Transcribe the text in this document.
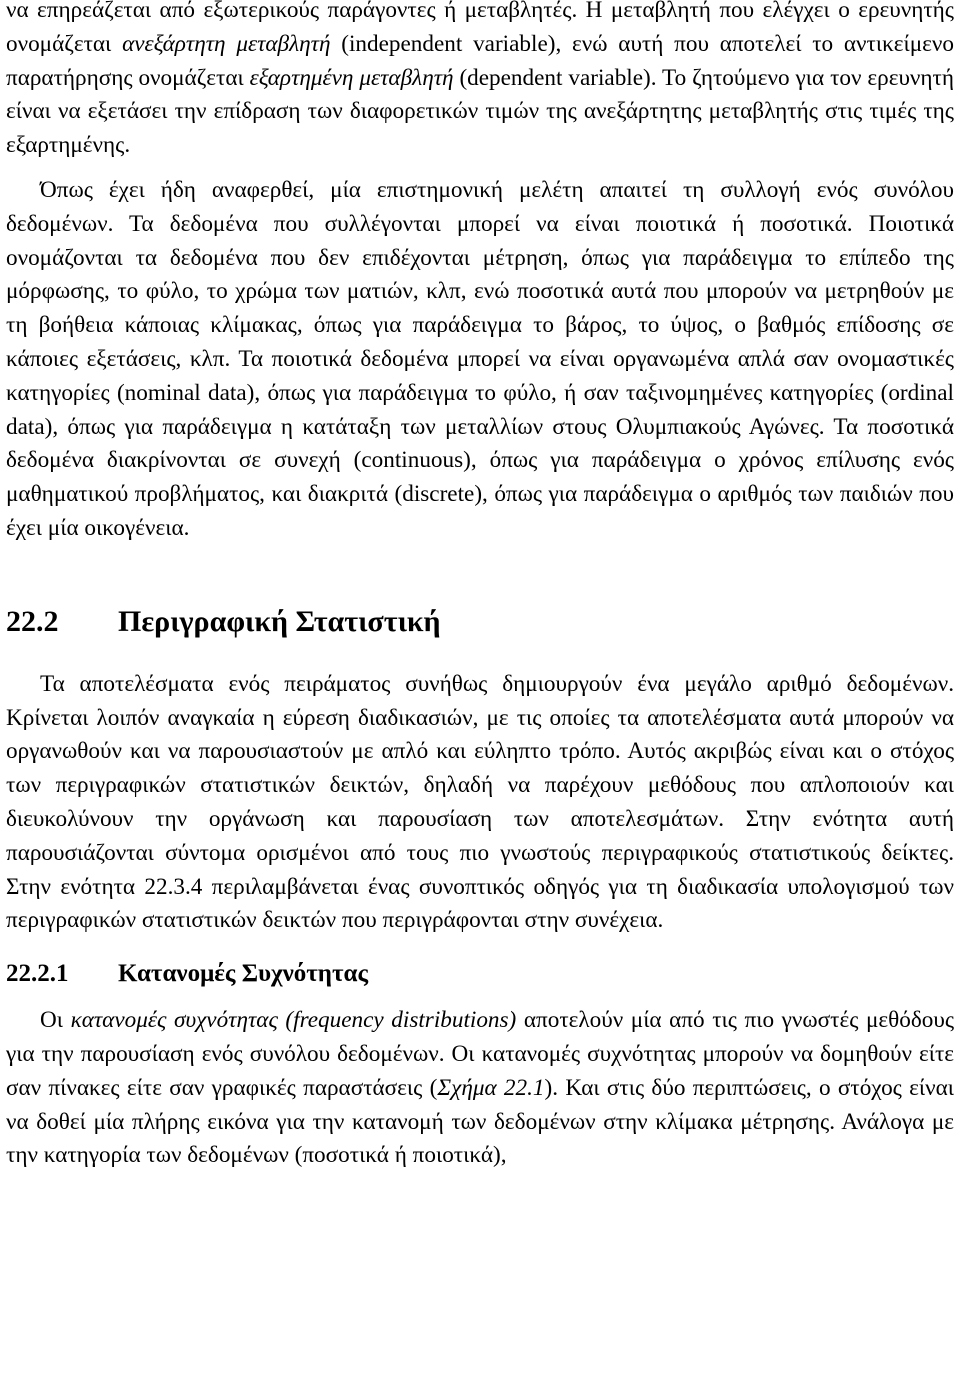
να επηρεάζεται από εξωτερικούς παράγοντες ή μεταβλητές. Η μεταβλητή που ελέγχει ο ερευνητής ονομάζεται ανεξάρτητη μεταβλητή (independent variable), ενώ αυτή που αποτελεί το αντικείμενο παρατήρησης ονομάζεται εξαρτημένη μεταβλητή (dependent variable). Το ζητούμενο για τον ερευνητή είναι να εξετάσει την επίδραση των διαφορετικών τιμών της ανεξάρτητης μεταβλητής στις τιμές της εξαρτημένης.

Όπως έχει ήδη αναφερθεί, μία επιστημονική μελέτη απαιτεί τη συλλογή ενός συνόλου δεδομένων. Τα δεδομένα που συλλέγονται μπορεί να είναι ποιοτικά ή ποσοτικά. Ποιοτικά ονομάζονται τα δεδομένα που δεν επιδέχονται μέτρηση, όπως για παράδειγμα το επίπεδο της μόρφωσης, το φύλο, το χρώμα των ματιών, κλπ, ενώ ποσοτικά αυτά που μπορούν να μετρηθούν με τη βοήθεια κάποιας κλίμακας, όπως για παράδειγμα το βάρος, το ύψος, ο βαθμός επίδοσης σε κάποιες εξετάσεις, κλπ. Τα ποιοτικά δεδομένα μπορεί να είναι οργανωμένα απλά σαν ονομαστικές κατηγορίες (nominal data), όπως για παράδειγμα το φύλο, ή σαν ταξινομημένες κατηγορίες (ordinal data), όπως για παράδειγμα η κατάταξη των μεταλλίων στους Ολυμπιακούς Αγώνες. Τα ποσοτικά δεδομένα διακρίνονται σε συνεχή (continuous), όπως για παράδειγμα ο χρόνος επίλυσης ενός μαθηματικού προβλήματος, και διακριτά (discrete), όπως για παράδειγμα ο αριθμός των παιδιών που έχει μία οικογένεια.

22.2	Περιγραφική Στατιστική

Τα αποτελέσματα ενός πειράματος συνήθως δημιουργούν ένα μεγάλο αριθμό δεδομένων. Κρίνεται λοιπόν αναγκαία η εύρεση διαδικασιών, με τις οποίες τα αποτελέσματα αυτά μπορούν να οργανωθούν και να παρουσιαστούν με απλό και εύληπτο τρόπο. Αυτός ακριβώς είναι και ο στόχος των περιγραφικών στατιστικών δεικτών, δηλαδή να παρέχουν μεθόδους που απλοποιούν και διευκολύνουν την οργάνωση και παρουσίαση των αποτελεσμάτων. Στην ενότητα αυτή παρουσιάζονται σύντομα ορισμένοι από τους πιο γνωστούς περιγραφικούς στατιστικούς δείκτες. Στην ενότητα 22.3.4 περιλαμβάνεται ένας συνοπτικός οδηγός για τη διαδικασία υπολογισμού των περιγραφικών στατιστικών δεικτών που περιγράφονται στην συνέχεια.

22.2.1	Κατανομές Συχνότητας

Οι κατανομές συχνότητας (frequency distributions) αποτελούν μία από τις πιο γνωστές μεθόδους για την παρουσίαση ενός συνόλου δεδομένων. Οι κατανομές συχνότητας μπορούν να δομηθούν είτε σαν πίνακες είτε σαν γραφικές παραστάσεις (Σχήμα 22.1). Και στις δύο περιπτώσεις, ο στόχος είναι να δοθεί μία πλήρης εικόνα για την κατανομή των δεδομένων στην κλίμακα μέτρησης. Ανάλογα με την κατηγορία των δεδομένων (ποσοτικά ή ποιοτικά),
